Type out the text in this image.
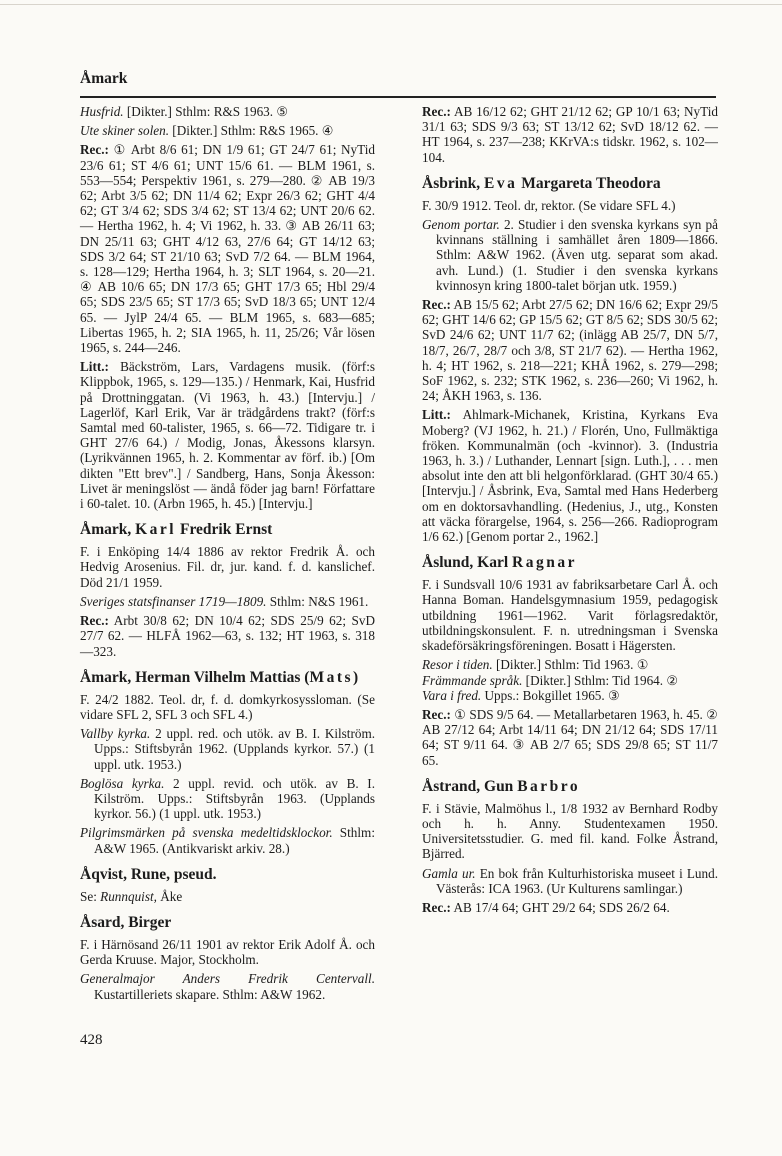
Åmark
Husfrid. [Dikter.] Sthlm: R&S 1963. ⑤
Ute skiner solen. [Dikter.] Sthlm: R&S 1965. ④
Rec.: ① Arbt 8/6 61; DN 1/9 61; GT 24/7 61; NyTid 23/6 61; ST 4/6 61; UNT 15/6 61. — BLM 1961, s. 553—554; Perspektiv 1961, s. 279—280. ② AB 19/3 62; Arbt 3/5 62; DN 11/4 62; Expr 26/3 62; GHT 4/4 62; GT 3/4 62; SDS 3/4 62; ST 13/4 62; UNT 20/6 62. — Hertha 1962, h. 4; Vi 1962, h. 33. ③ AB 26/11 63; DN 25/11 63; GHT 4/12 63, 27/6 64; GT 14/12 63; SDS 3/2 64; ST 21/10 63; SvD 7/2 64. — BLM 1964, s. 128—129; Hertha 1964, h. 3; SLT 1964, s. 20—21. ④ AB 10/6 65; DN 17/3 65; GHT 17/3 65; Hbl 29/4 65; SDS 23/5 65; ST 17/3 65; SvD 18/3 65; UNT 12/4 65. — JylP 24/4 65. — BLM 1965, s. 683—685; Libertas 1965, h. 2; SIA 1965, h. 11, 25/26; Vår lösen 1965, s. 244—246.
Litt.: Bäckström, Lars, Vardagens musik. (förf:s Klippbok, 1965, s. 129—135.) / Henmark, Kai, Husfrid på Drottninggatan. (Vi 1963, h. 43.) [Intervju.] / Lagerlöf, Karl Erik, Var är trädgårdens trakt? (förf:s Samtal med 60-talister, 1965, s. 66—72. Tidigare tr. i GHT 27/6 64.) / Modig, Jonas, Åkessons klarsyn. (Lyrikvännen 1965, h. 2. Kommentar av förf. ib.) [Om dikten "Ett brev".] / Sandberg, Hans, Sonja Åkesson: Livet är meningslöst — ändå föder jag barn! Författare i 60-talet. 10. (Arbn 1965, h. 45.) [Intervju.]
Åmark, Karl Fredrik Ernst
F. i Enköping 14/4 1886 av rektor Fredrik Å. och Hedvig Arosenius. Fil. dr, jur. kand. f. d. kanslichef. Död 21/1 1959.
Sveriges statsfinanser 1719—1809. Sthlm: N&S 1961.
Rec.: Arbt 30/8 62; DN 10/4 62; SDS 25/9 62; SvD 27/7 62. — HLFÅ 1962—63, s. 132; HT 1963, s. 318—323.
Åmark, Herman Vilhelm Mattias (Mats)
F. 24/2 1882. Teol. dr, f. d. domkyrkosyssloman. (Se vidare SFL 2, SFL 3 och SFL 4.)
Vallby kyrka. 2 uppl. red. och utök. av B. I. Kilström. Upps.: Stiftsbyrån 1962. (Upplands kyrkor. 57.) (1 uppl. utk. 1953.)
Boglösa kyrka. 2 uppl. revid. och utök. av B. I. Kilström. Upps.: Stiftsbyrån 1963. (Upplands kyrkor. 56.) (1 uppl. utk. 1953.)
Pilgrimsmärken på svenska medeltidsklockor. Sthlm: A&W 1965. (Antikvariskt arkiv. 28.)
Åqvist, Rune, pseud.
Se: Runnquist, Åke
Åsard, Birger
F. i Härnösand 26/11 1901 av rektor Erik Adolf Å. och Gerda Kruuse. Major, Stockholm.
Generalmajor Anders Fredrik Centervall. Kustartilleriets skapare. Sthlm: A&W 1962.
Rec.: AB 16/12 62; GHT 21/12 62; GP 10/1 63; NyTid 31/1 63; SDS 9/3 63; ST 13/12 62; SvD 18/12 62. — HT 1964, s. 237—238; KKrVA:s tidskr. 1962, s. 102—104.
Åsbrink, Eva Margareta Theodora
F. 30/9 1912. Teol. dr, rektor. (Se vidare SFL 4.)
Genom portar. 2. Studier i den svenska kyrkans syn på kvinnans ställning i samhället åren 1809—1866. Sthlm: A&W 1962. (Även utg. separat som akad. avh. Lund.) (1. Studier i den svenska kyrkans kvinnosyn kring 1800-talet början utk. 1959.)
Rec.: AB 15/5 62; Arbt 27/5 62; DN 16/6 62; Expr 29/5 62; GHT 14/6 62; GP 15/5 62; GT 8/5 62; SDS 30/5 62; SvD 24/6 62; UNT 11/7 62; (inlägg AB 25/7, DN 5/7, 18/7, 26/7, 28/7 och 3/8, ST 21/7 62). — Hertha 1962, h. 4; HT 1962, s. 218—221; KHÅ 1962, s. 279—298; SoF 1962, s. 232; STK 1962, s. 236—260; Vi 1962, h. 24; ÅKH 1963, s. 136.
Litt.: Ahlmark-Michanek, Kristina, Kyrkans Eva Moberg? (VJ 1962, h. 21.) / Florén, Uno, Fullmäktiga fröken. Kommunalmän (och -kvinnor). 3. (Industria 1963, h. 3.) / Luthander, Lennart [sign. Luth.], . . . men absolut inte den att bli helgonförklarad. (GHT 30/4 65.) [Intervju.] / Åsbrink, Eva, Samtal med Hans Hederberg om en doktorsavhandling. (Hedenius, J., utg., Konsten att väcka förargelse, 1964, s. 256—266. Radioprogram 1/6 62.) [Genom portar 2., 1962.]
Åslund, Karl Ragnar
F. i Sundsvall 10/6 1931 av fabriksarbetare Carl Å. och Hanna Boman. Handelsgymnasium 1959, pedagogisk utbildning 1961—1962. Varit förlagsredaktör, utbildningskonsulent. F. n. utredningsman i Svenska skadeförsäkringsföreningen. Bosatt i Hägersten.
Resor i tiden. [Dikter.] Sthlm: Tid 1963. ①
Främmande språk. [Dikter.] Sthlm: Tid 1964. ②
Vara i fred. Upps.: Bokgillet 1965. ③
Rec.: ① SDS 9/5 64. — Metallarbetaren 1963, h. 45. ② AB 27/12 64; Arbt 14/11 64; DN 21/12 64; SDS 17/11 64; ST 9/11 64. ③ AB 2/7 65; SDS 29/8 65; ST 11/7 65.
Åstrand, Gun Barbro
F. i Stävie, Malmöhus l., 1/8 1932 av Bernhard Rodby och h. h. Anny. Studentexamen 1950. Universitetsstudier. G. med fil. kand. Folke Åstrand, Bjärred.
Gamla ur. En bok från Kulturhistoriska museet i Lund. Västerås: ICA 1963. (Ur Kulturens samlingar.)
Rec.: AB 17/4 64; GHT 29/2 64; SDS 26/2 64.
428
